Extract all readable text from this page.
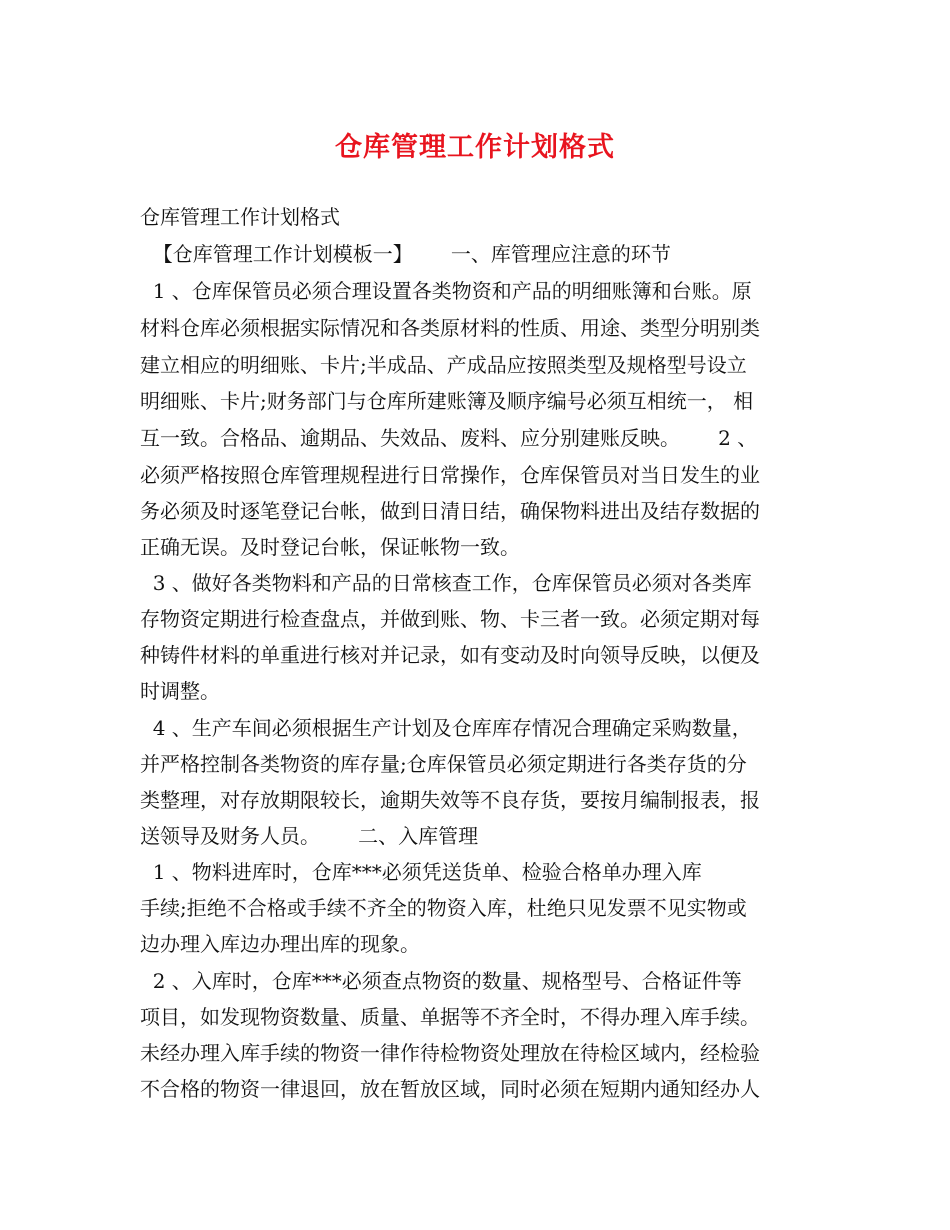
仓库管理工作计划格式
仓库管理工作计划格式
【仓库管理工作计划模板一】      一、库管理应注意的环节
1 、仓库保管员必须合理设置各类物资和产品的明细账簿和台账。原
材料仓库必须根据实际情况和各类原材料的性质、用途、类型分明别类
建立相应的明细账、卡片;半成品、产成品应按照类型及规格型号设立
明细账、卡片;财务部门与仓库所建账簿及顺序编号必须互相统一， 相
互一致。合格品、逾期品、失效品、废料、应分别建账反映。      2 、
必须严格按照仓库管理规程进行日常操作，仓库保管员对当日发生的业
务必须及时逐笔登记台帐，做到日清日结，确保物料进出及结存数据的
正确无误。及时登记台帐，保证帐物一致。
3 、做好各类物料和产品的日常核查工作，仓库保管员必须对各类库
存物资定期进行检查盘点，并做到账、物、卡三者一致。必须定期对每
种铸件材料的单重进行核对并记录，如有变动及时向领导反映，以便及
时调整。
4 、生产车间必须根据生产计划及仓库库存情况合理确定采购数量，
并严格控制各类物资的库存量;仓库保管员必须定期进行各类存货的分
类整理，对存放期限较长，逾期失效等不良存货，要按月编制报表，报
送领导及财务人员。      二、入库管理
1 、物料进库时，仓库***必须凭送货单、检验合格单办理入库
手续;拒绝不合格或手续不齐全的物资入库，杜绝只见发票不见实物或
边办理入库边办理出库的现象。
2 、入库时，仓库***必须查点物资的数量、规格型号、合格证件等
项目，如发现物资数量、质量、单据等不齐全时，不得办理入库手续。
未经办理入库手续的物资一律作待检物资处理放在待检区域内，经检验
不合格的物资一律退回，放在暂放区域，同时必须在短期内通知经办人
